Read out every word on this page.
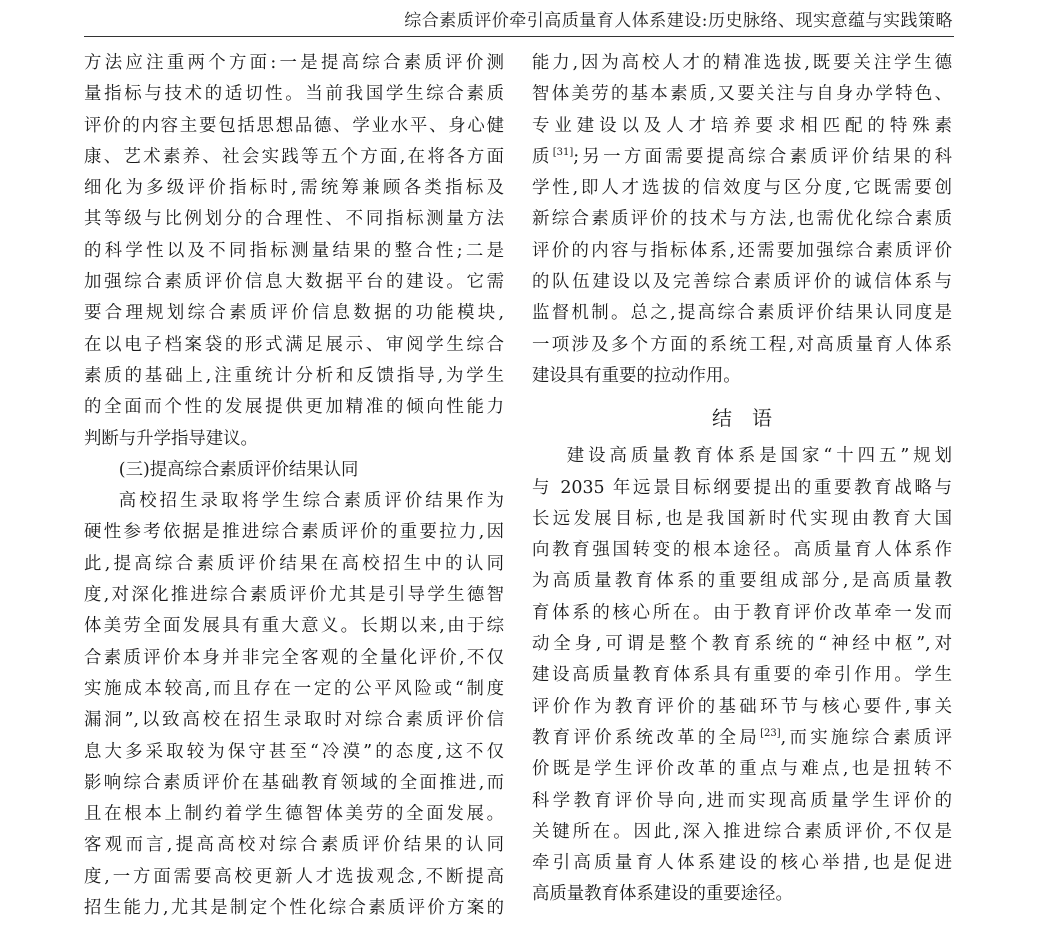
综合素质评价牵引高质量育人体系建设:历史脉络、现实意蕴与实践策略
方法应注重两个方面:一是提高综合素质评价测
量指标与技术的适切性。当前我国学生综合素质
评价的内容主要包括思想品德、学业水平、身心健
康、艺术素养、社会实践等五个方面,在将各方面
细化为多级评价指标时,需统筹兼顾各类指标及
其等级与比例划分的合理性、不同指标测量方法
的科学性以及不同指标测量结果的整合性;二是
加强综合素质评价信息大数据平台的建设。它需
要合理规划综合素质评价信息数据的功能模块,
在以电子档案袋的形式满足展示、审阅学生综合
素质的基础上,注重统计分析和反馈指导,为学生
的全面而个性的发展提供更加精准的倾向性能力
判断与升学指导建议。
(三)提高综合素质评价结果认同
高校招生录取将学生综合素质评价结果作为
硬性参考依据是推进综合素质评价的重要拉力,因
此,提高综合素质评价结果在高校招生中的认同
度,对深化推进综合素质评价尤其是引导学生德智
体美劳全面发展具有重大意义。长期以来,由于综
合素质评价本身并非完全客观的全量化评价,不仅
实施成本较高,而且存在一定的公平风险或“制度
漏洞”,以致高校在招生录取时对综合素质评价信
息大多采取较为保守甚至“冷漠”的态度,这不仅
影响综合素质评价在基础教育领域的全面推进,而
且在根本上制约着学生德智体美劳的全面发展。
客观而言,提高高校对综合素质评价结果的认同
度,一方面需要高校更新人才选拔观念,不断提高
招生能力,尤其是制定个性化综合素质评价方案的
能力,因为高校人才的精准选拔,既要关注学生德
智体美劳的基本素质,又要关注与自身办学特色、
专业建设以及人才培养要求相匹配的特殊素
质[31];另一方面需要提高综合素质评价结果的科
学性,即人才选拔的信效度与区分度,它既需要创
新综合素质评价的技术与方法,也需优化综合素质
评价的内容与指标体系,还需要加强综合素质评价
的队伍建设以及完善综合素质评价的诚信体系与
监督机制。总之,提高综合素质评价结果认同度是
一项涉及多个方面的系统工程,对高质量育人体系
建设具有重要的拉动作用。
结语
建设高质量教育体系是国家“十四五”规划
与 2035 年远景目标纲要提出的重要教育战略与
长远发展目标,也是我国新时代实现由教育大国
向教育强国转变的根本途径。高质量育人体系作
为高质量教育体系的重要组成部分,是高质量教
育体系的核心所在。由于教育评价改革牵一发而
动全身,可谓是整个教育系统的“神经中枢”,对
建设高质量教育体系具有重要的牵引作用。学生
评价作为教育评价的基础环节与核心要件,事关
教育评价系统改革的全局[23],而实施综合素质评
价既是学生评价改革的重点与难点,也是扭转不
科学教育评价导向,进而实现高质量学生评价的
关键所在。因此,深入推进综合素质评价,不仅是
牵引高质量育人体系建设的核心举措,也是促进
高质量教育体系建设的重要途径。
